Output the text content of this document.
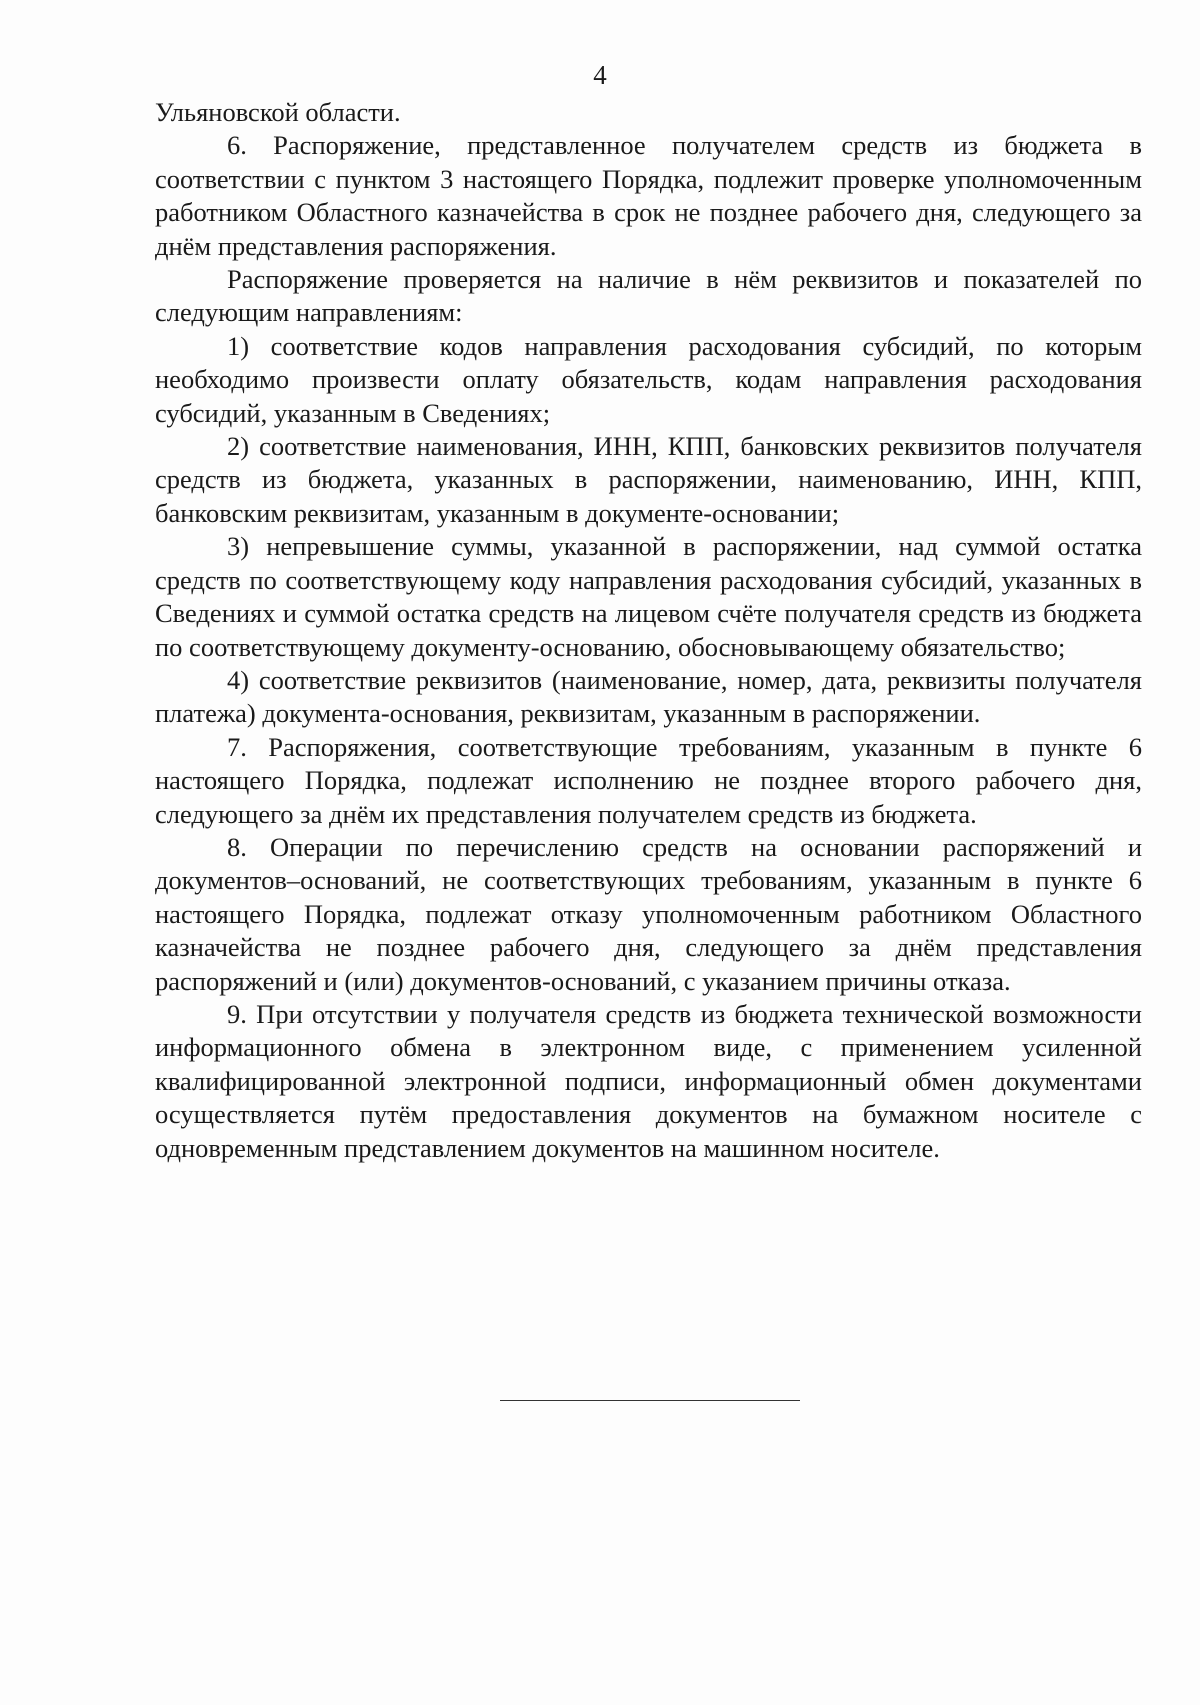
4

Ульяновской области.

6. Распоряжение, представленное получателем средств из бюджета в соответствии с пунктом 3 настоящего Порядка, подлежит проверке уполномоченным работником Областного казначейства в срок не позднее рабочего дня, следующего за днём представления распоряжения.

Распоряжение проверяется на наличие в нём реквизитов и показателей по следующим направлениям:

1) соответствие кодов направления расходования субсидий, по которым необходимо произвести оплату обязательств, кодам направления расходования субсидий, указанным в Сведениях;

2) соответствие наименования, ИНН, КПП, банковских реквизитов получателя средств из бюджета, указанных в распоряжении, наименованию, ИНН, КПП, банковским реквизитам, указанным в документе-основании;

3) непревышение суммы, указанной в распоряжении, над суммой остатка средств по соответствующему коду направления расходования субсидий, указанных в Сведениях и суммой остатка средств на лицевом счёте получателя средств из бюджета по соответствующему документу-основанию, обосновывающему обязательство;

4) соответствие реквизитов (наименование, номер, дата, реквизиты получателя платежа) документа-основания, реквизитам, указанным в распоряжении.

7. Распоряжения, соответствующие требованиям, указанным в пункте 6 настоящего Порядка, подлежат исполнению не позднее второго рабочего дня, следующего за днём их представления получателем средств из бюджета.

8. Операции по перечислению средств на основании распоряжений и документов–оснований, не соответствующих требованиям, указанным в пункте 6 настоящего Порядка, подлежат отказу уполномоченным работником Областного казначейства не позднее рабочего дня, следующего за днём представления распоряжений и (или) документов-оснований, с указанием причины отказа.

9. При отсутствии у получателя средств из бюджета технической возможности информационного обмена в электронном виде, с применением усиленной квалифицированной электронной подписи, информационный обмен документами осуществляется путём предоставления документов на бумажном носителе с одновременным представлением документов на машинном носителе.
